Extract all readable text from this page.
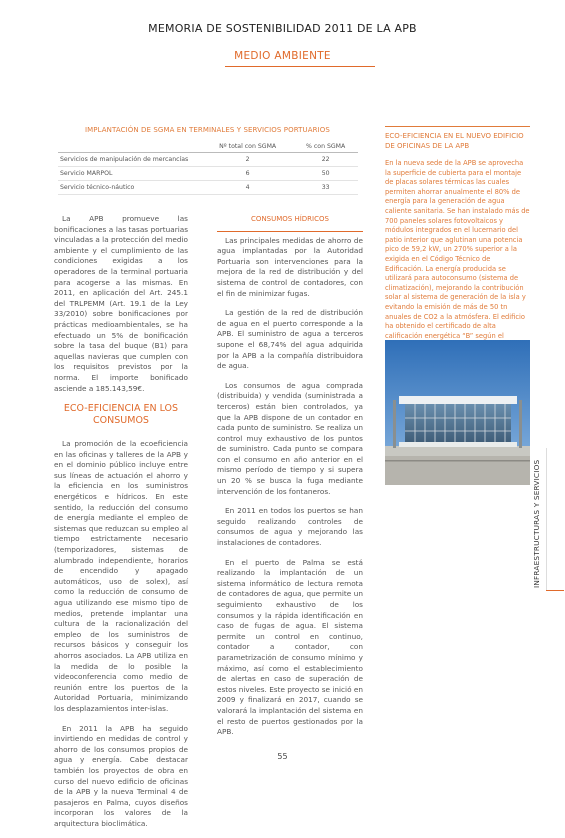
MEMORIA DE SOSTENIBILIDAD 2011 DE LA APB
MEDIO AMBIENTE
IMPLANTACIÓN DE SGMA EN TERMINALES Y SERVICIOS PORTUARIOS
	Nº total con SGMA	% con SGMA
Servicios de manipulación de mercancías	2	22
Servicio MARPOL	6	50
Servicio técnico-náutico	4	33

La APB promueve las bonificaciones a las tasas portuarias vinculadas a la protección del medio ambiente y el cumplimiento de las condiciones exigidas a los operadores de la terminal portuaria para acogerse a las mismas. En 2011, en aplicación del Art. 245.1 del TRLPEMM (Art. 19.1 de la Ley 33/2010) sobre bonificaciones por prácticas medioambientales, se ha efectuado un 5% de bonificación sobre la tasa del buque (B1) para aquellas navieras que cumplen con los requisitos previstos por la norma. El importe bonificado asciende a 185.143,59€.

ECO-EFICIENCIA EN LOS CONSUMOS

La promoción de la ecoeficiencia en las oficinas y talleres de la APB y en el dominio público incluye entre sus líneas de actuación el ahorro y la eficiencia en los suministros energéticos e hídricos. En este sentido, la reducción del consumo de energía mediante el empleo de sistemas que reduzcan su empleo al tiempo estrictamente necesario (temporizadores, sistemas de alumbrado independiente, horarios de encendido y apagado automáticos, uso de solex), así como la reducción de consumo de agua utilizando ese mismo tipo de medios, pretende implantar una cultura de la racionalización del empleo de los suministros de recursos básicos y conseguir los ahorros asociados. La APB utiliza en la medida de lo posible la videoconferencia como medio de reunión entre los puertos de la Autoridad Portuaria, minimizando los desplazamientos inter-islas.

En 2011 la APB ha seguido invirtiendo en medidas de control y ahorro de los consumos propios de agua y energía. Cabe destacar también los proyectos de obra en curso del nuevo edificio de oficinas de la APB y la nueva Terminal 4 de pasajeros en Palma, cuyos diseños incorporan los valores de la arquitectura bioclimática.

CONSUMOS HÍDRICOS

Las principales medidas de ahorro de agua implantadas por la Autoridad Portuaria son intervenciones para la mejora de la red de distribución y del sistema de control de contadores, con el fin de minimizar fugas.

La gestión de la red de distribución de agua en el puerto corresponde a la APB. El suministro de agua a terceros supone el 68,74% del agua adquirida por la APB a la compañía distribuidora de agua.

Los consumos de agua comprada (distribuida) y vendida (suministrada a terceros) están bien controlados, ya que la APB dispone de un contador en cada punto de suministro. Se realiza un control muy exhaustivo de los puntos de suministro. Cada punto se compara con el consumo en año anterior en el mismo período de tiempo y si supera un 20 % se busca la fuga mediante intervención de los fontaneros.

En 2011 en todos los puertos se han seguido realizando controles de consumos de agua y mejorando las instalaciones de contadores.

En el puerto de Palma se está realizando la implantación de un sistema informático de lectura remota de contadores de agua, que permite un seguimiento exhaustivo de los consumos y la rápida identificación en caso de fugas de agua. El sistema permite un control en continuo, contador a contador, con parametrización de consumo mínimo y máximo, así como el establecimiento de alertas en caso de superación de estos niveles. Este proyecto se inició en 2009 y finalizará en 2017, cuando se valorará la implantación del sistema en el resto de puertos gestionados por la APB.

ECO-EFICIENCIA EN EL NUEVO EDIFICIO DE OFICINAS DE LA APB
En la nueva sede de la APB se aprovecha la superficie de cubierta para el montaje de placas solares térmicas las cuales permiten ahorrar anualmente el 80% de energía para la generación de agua caliente sanitaria. Se han instalado más de 700 paneles solares fotovoltaicos y módulos integrados en el lucernario del patio interior que aglutinan una potencia pico de 59,2 kW, un 270% superior a la exigida en el Código Técnico de Edificación. La energía producida se utilizará para autoconsumo (sistema de climatización), mejorando la contribución solar al sistema de generación de la isla y evitando la emisión de más de 50 tn anuales de CO2 a la atmósfera. El edificio ha obtenido el certificado de alta calificación energética “B” según el
INFRAESTRUCTURAS Y SERVICIOS
55
